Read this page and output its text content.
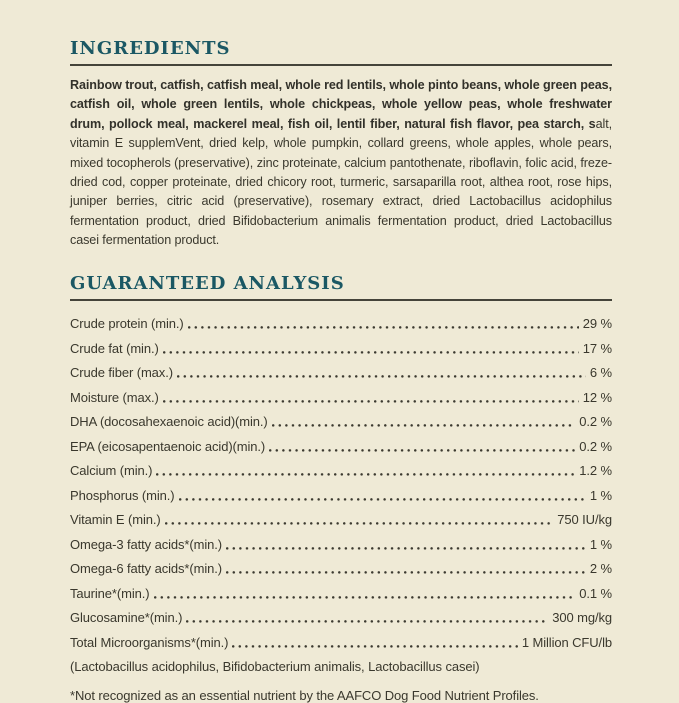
INGREDIENTS

Rainbow trout, catfish, catfish meal, whole red lentils, whole pinto beans, whole green peas, catfish oil, whole green lentils, whole chickpeas, whole yellow peas, whole freshwater drum, pollock meal, mackerel meal, fish oil, lentil fiber, natural fish flavor, pea starch, salt, vitamin E supplemVent, dried kelp, whole pumpkin, collard greens, whole apples, whole pears, mixed tocopherols (preservative), zinc proteinate, calcium pantothenate, riboflavin, folic acid, freze-dried cod, copper proteinate, dried chicory root, turmeric, sarsaparilla root, althea root, rose hips, juniper berries, citric acid (preservative), rosemary extract, dried Lactobacillus acidophilus fermentation product, dried Bifidobacterium animalis fermentation product, dried Lactobacillus casei fermentation product.

GUARANTEED ANALYSIS
Crude protein (min.)	29 %
Crude fat (min.)	17 %
Crude fiber (max.)	6 %
Moisture (max.)	12 %
DHA (docosahexaenoic acid)(min.)	0.2 %
EPA (eicosapentaenoic acid)(min.)	0.2 %
Calcium (min.)	1.2 %
Phosphorus (min.)	1 %
Vitamin E (min.)	750 IU/kg
Omega-3 fatty acids*(min.)	1 %
Omega-6 fatty acids*(min.)	2 %
Taurine*(min.)	0.1 %
Glucosamine*(min.)	300 mg/kg
Total Microorganisms*(min.)	1 Million CFU/lb
(Lactobacillus acidophilus, Bifidobacterium animalis, Lactobacillus casei)
*Not recognized as an essential nutrient by the AAFCO Dog Food Nutrient Profiles.
